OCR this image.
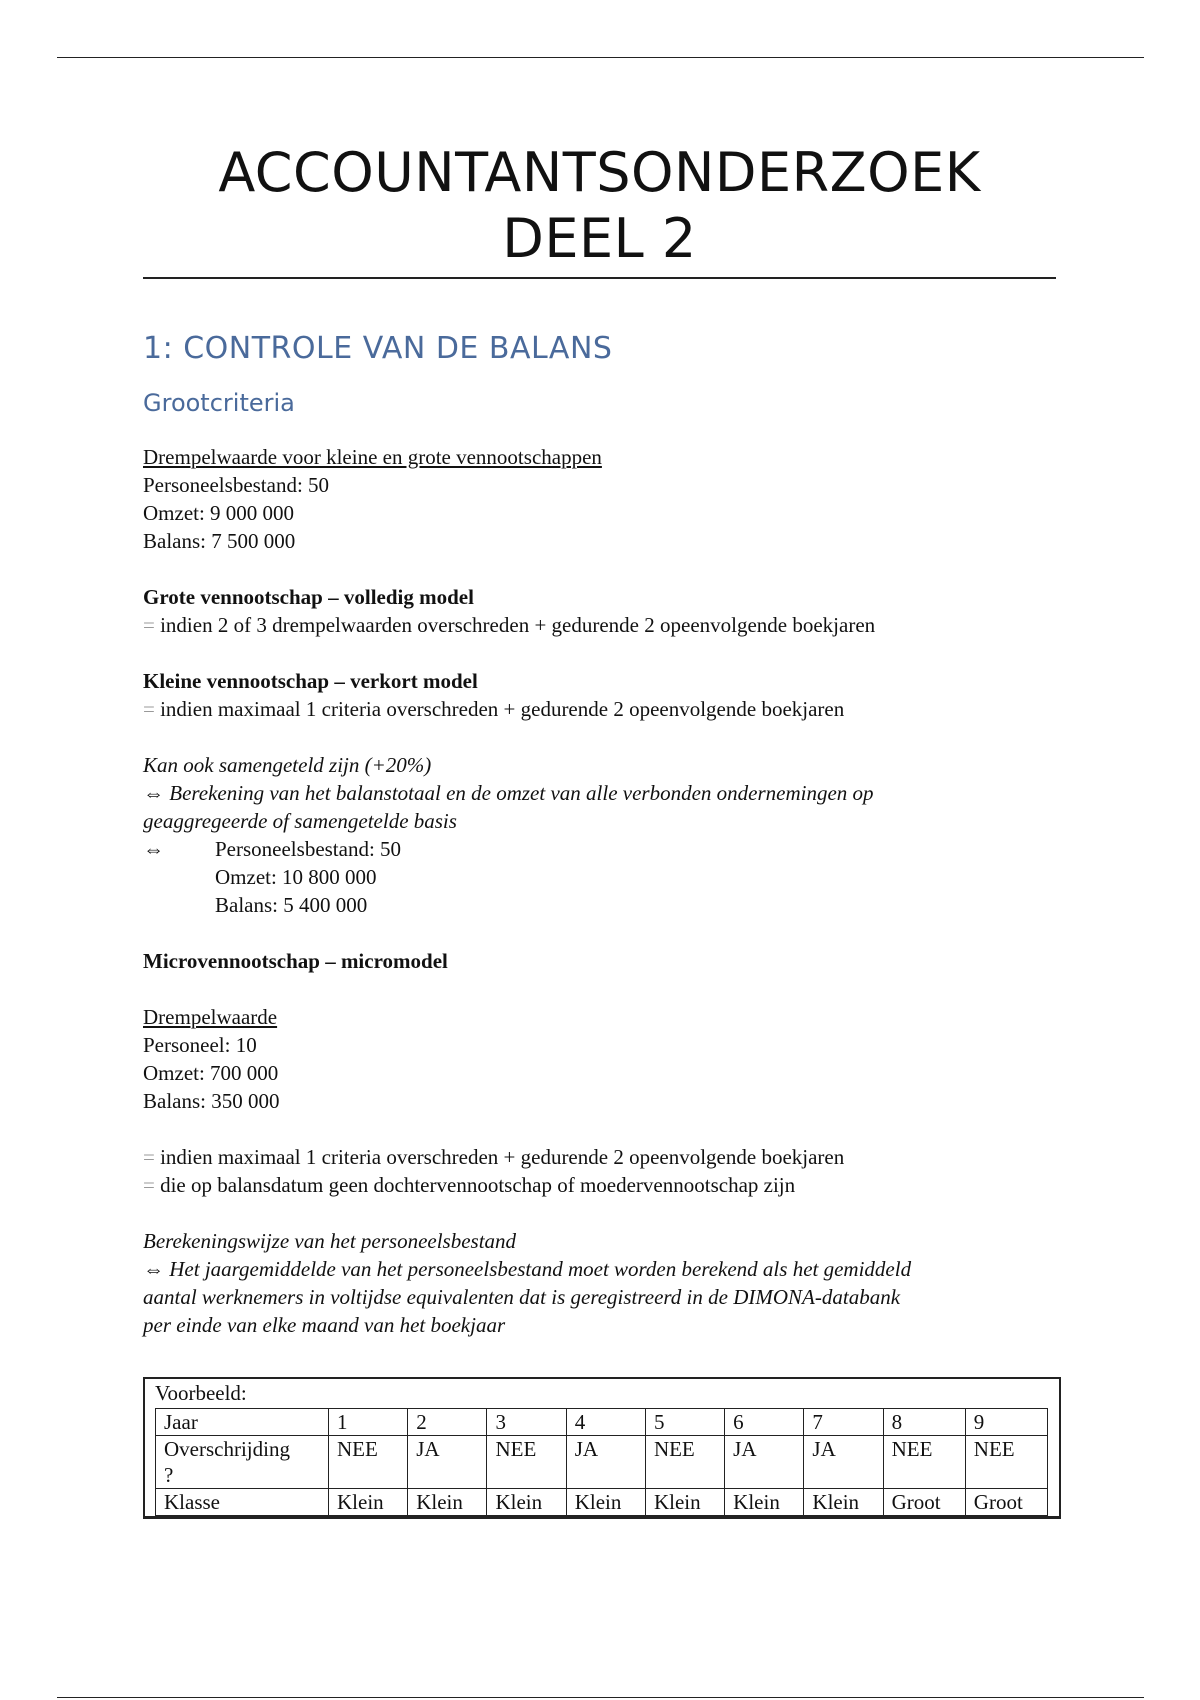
ACCOUNTANTSONDERZOEK
DEEL 2
1: CONTROLE VAN DE BALANS
Grootcriteria
Drempelwaarde voor kleine en grote vennootschappen
Personeelsbestand: 50
Omzet: 9 000 000
Balans: 7 500 000
Grote vennootschap – volledig model
= indien 2 of 3 drempelwaarden overschreden + gedurende 2 opeenvolgende boekjaren
Kleine vennootschap – verkort model
= indien maximaal 1 criteria overschreden + gedurende 2 opeenvolgende boekjaren
Kan ook samengeteld zijn (+20%)
⇔ Berekening van het balanstotaal en de omzet van alle verbonden ondernemingen op
geaggregeerde of samengetelde basis
⇔	Personeelsbestand: 50
Omzet: 10 800 000
Balans: 5 400 000
Microvennootschap – micromodel
Drempelwaarde
Personeel: 10
Omzet: 700 000
Balans: 350 000
= indien maximaal 1 criteria overschreden + gedurende 2 opeenvolgende boekjaren
= die op balansdatum geen dochtervennootschap of moedervennootschap zijn
Berekeningswijze van het personeelsbestand
⇔ Het jaargemiddelde van het personeelsbestand moet worden berekend als het gemiddeld
aantal werknemers in voltijdse equivalenten dat is geregistreerd in de DIMONA-databank
per einde van elke maand van het boekjaar
Voorbeeld:
Jaar	1	2	3	4	5	6	7	8	9
Overschrijding
?	NEE	JA	NEE	JA	NEE	JA	JA	NEE	NEE
Klasse	Klein	Klein	Klein	Klein	Klein	Klein	Klein	Groot	Groot
